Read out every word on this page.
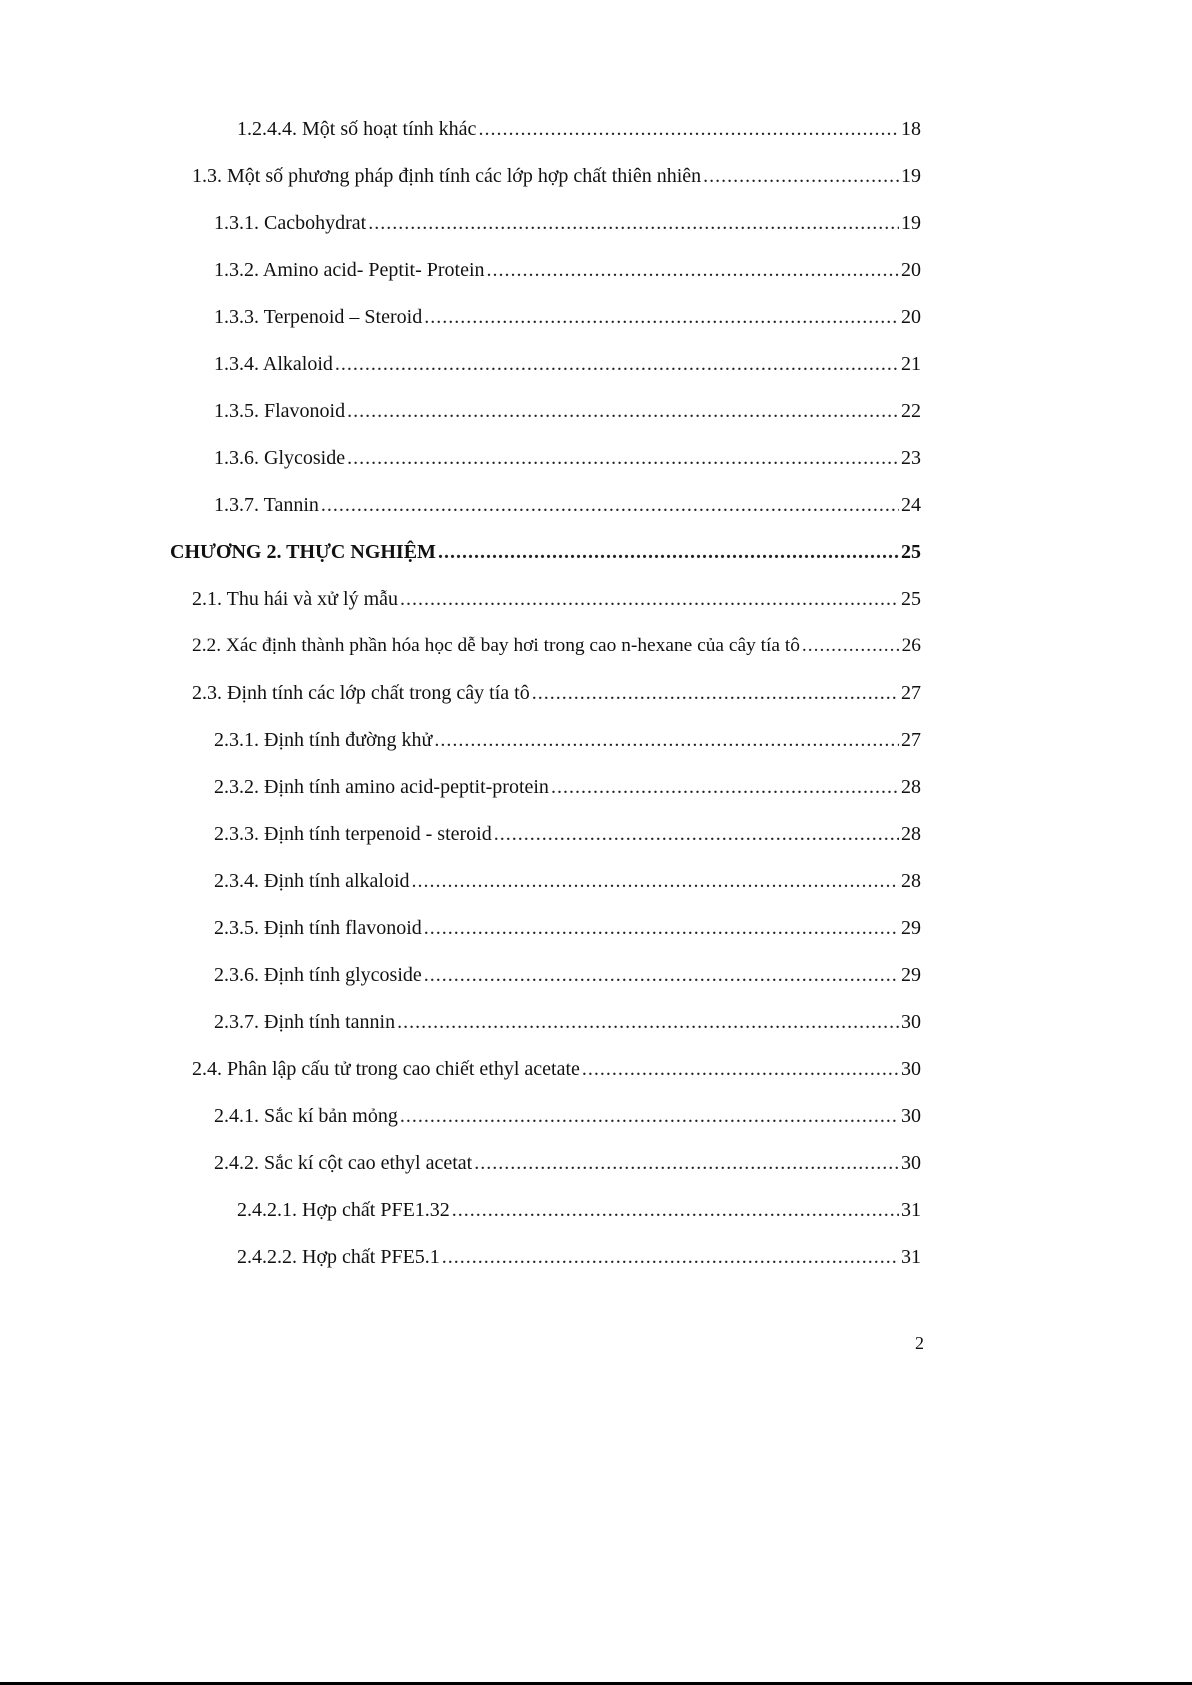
1.2.4.4. Một số hoạt tính khác .....	18
1.3. Một số phương pháp định tính các lớp hợp chất thiên nhiên .....	19
1.3.1. Cacbohydrat .....	19
1.3.2. Amino acid- Peptit- Protein .....	20
1.3.3. Terpenoid – Steroid .....	20
1.3.4. Alkaloid .....	21
1.3.5. Flavonoid .....	22
1.3.6. Glycoside .....	23
1.3.7. Tannin .....	24
CHƯƠNG 2. THỰC NGHIỆM .....	25
2.1. Thu hái và xử lý mẫu .....	25
2.2. Xác định thành phần hóa học dễ bay hơi trong cao n-hexane của cây tía tô .....	26
2.3. Định tính các lớp chất trong cây tía tô .....	27
2.3.1. Định tính đường khử .....	27
2.3.2. Định tính amino acid-peptit-protein .....	28
2.3.3. Định tính terpenoid - steroid .....	28
2.3.4. Định tính alkaloid .....	28
2.3.5. Định tính flavonoid .....	29
2.3.6. Định tính glycoside .....	29
2.3.7. Định tính tannin .....	30
2.4. Phân lập cấu tử trong cao chiết ethyl acetate .....	30
2.4.1. Sắc kí bản mỏng .....	30
2.4.2. Sắc kí cột cao ethyl acetat .....	30
2.4.2.1. Hợp chất PFE1.32 .....	31
2.4.2.2. Hợp chất PFE5.1 .....	31
2
